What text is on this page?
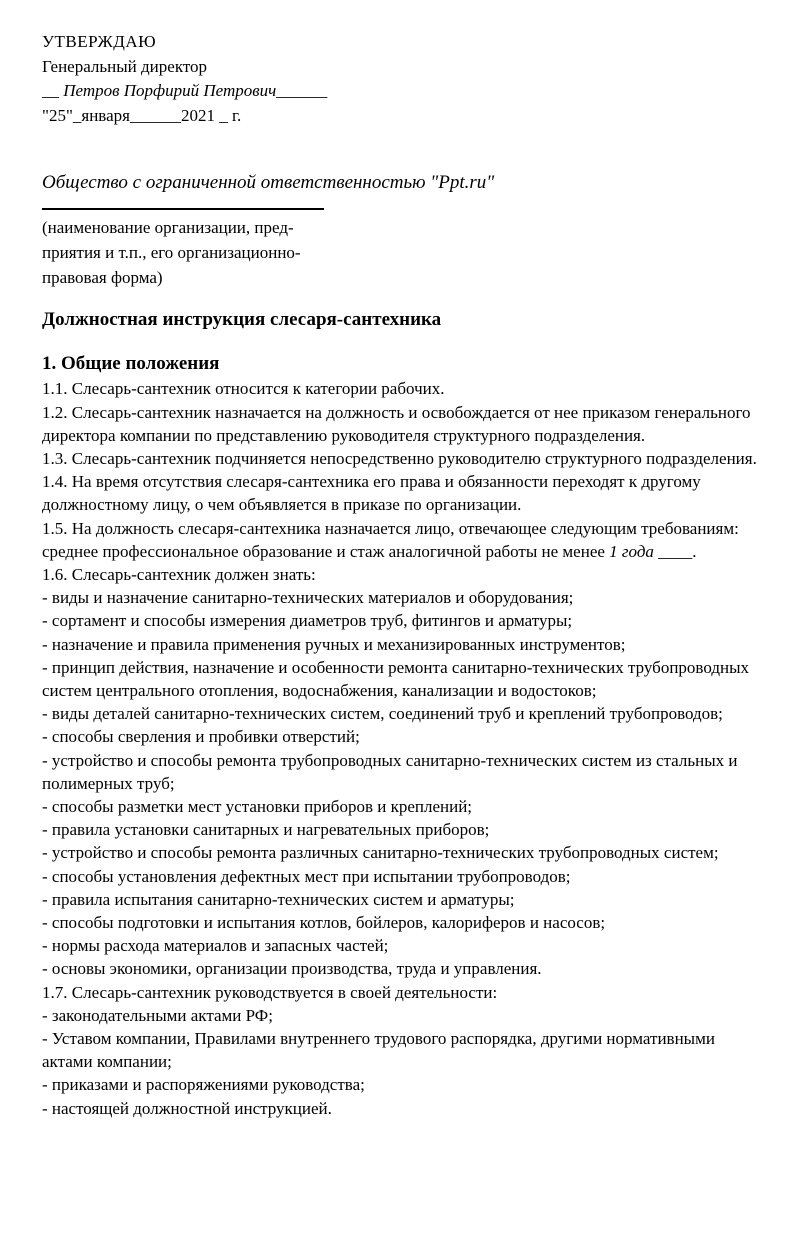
УТВЕРЖДАЮ

Генеральный директор

__ Петров Порфирий Петрович______

"25"_января______2021 _ г.

Общество с ограниченной ответственностью "Ppt.ru"

(наименование организации, пред-

приятия и т.п., его организационно-

правовая форма)

Должностная инструкция слесаря-сантехника

1. Общие положения

1.1. Слесарь-сантехник относится к категории рабочих.

1.2. Слесарь-сантехник назначается на должность и освобождается от нее приказом генерального директора компании по представлению руководителя структурного подразделения.

1.3. Слесарь-сантехник подчиняется непосредственно руководителю структурного подразделения.

1.4. На время отсутствия слесаря-сантехника его права и обязанности переходят к другому должностному лицу, о чем объявляется в приказе по организации.

1.5. На должность слесаря-сантехника назначается лицо, отвечающее следующим требованиям: среднее профессиональное образование и стаж аналогичной работы не менее 1 года ____.

1.6. Слесарь-сантехник должен знать:

- виды и назначение санитарно-технических материалов и оборудования;

- сортамент и способы измерения диаметров труб, фитингов и арматуры;

- назначение и правила применения ручных и механизированных инструментов;

- принцип действия, назначение и особенности ремонта санитарно-технических трубопроводных систем центрального отопления, водоснабжения, канализации и водостоков;

- виды деталей санитарно-технических систем, соединений труб и креплений трубопроводов;

- способы сверления и пробивки отверстий;

- устройство и способы ремонта трубопроводных санитарно-технических систем из стальных и полимерных труб;

- способы разметки мест установки приборов и креплений;

- правила установки санитарных и нагревательных приборов;

- устройство и способы ремонта различных санитарно-технических трубопроводных систем;

- способы установления дефектных мест при испытании трубопроводов;

- правила испытания санитарно-технических систем и арматуры;

- способы подготовки и испытания котлов, бойлеров, калориферов и насосов;

- нормы расхода материалов и запасных частей;

- основы экономики, организации производства, труда и управления.

1.7. Слесарь-сантехник руководствуется в своей деятельности:

- законодательными актами РФ;

- Уставом компании, Правилами внутреннего трудового распорядка, другими нормативными актами компании;

- приказами и распоряжениями руководства;

- настоящей должностной инструкцией.
